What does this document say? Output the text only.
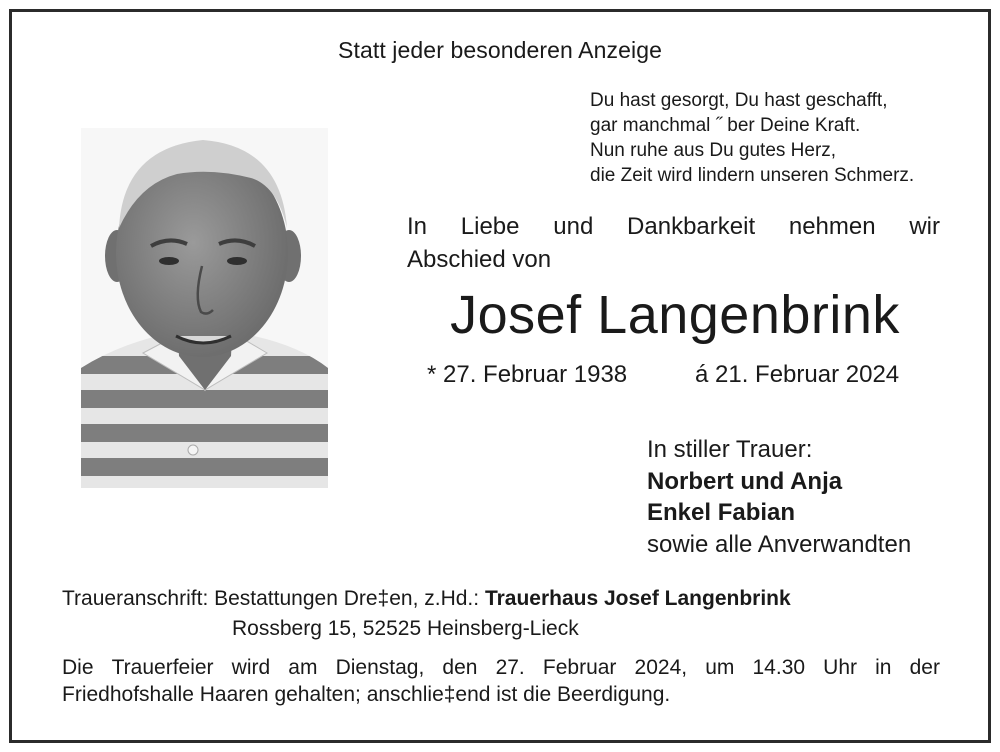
Statt jeder besonderen Anzeige
Du hast gesorgt, Du hast geschafft,
gar manchmal ˝ ber Deine Kraft.
Nun ruhe aus Du gutes Herz,
die Zeit wird lindern unseren Schmerz.
In Liebe und Dankbarkeit nehmen wir
Abschied von
Josef Langenbrink
* 27. Februar 1938	á 21. Februar 2024
In stiller Trauer:
Norbert und Anja
Enkel Fabian
sowie alle Anverwandten
Traueranschrift: Bestattungen Dre‡en, z.Hd.: Trauerhaus Josef Langenbrink
Rossberg 15, 52525 Heinsberg-Lieck
Die Trauerfeier wird am Dienstag, den 27. Februar 2024, um 14.30 Uhr in der
Friedhofshalle Haaren gehalten; anschlie‡end ist die Beerdigung.
